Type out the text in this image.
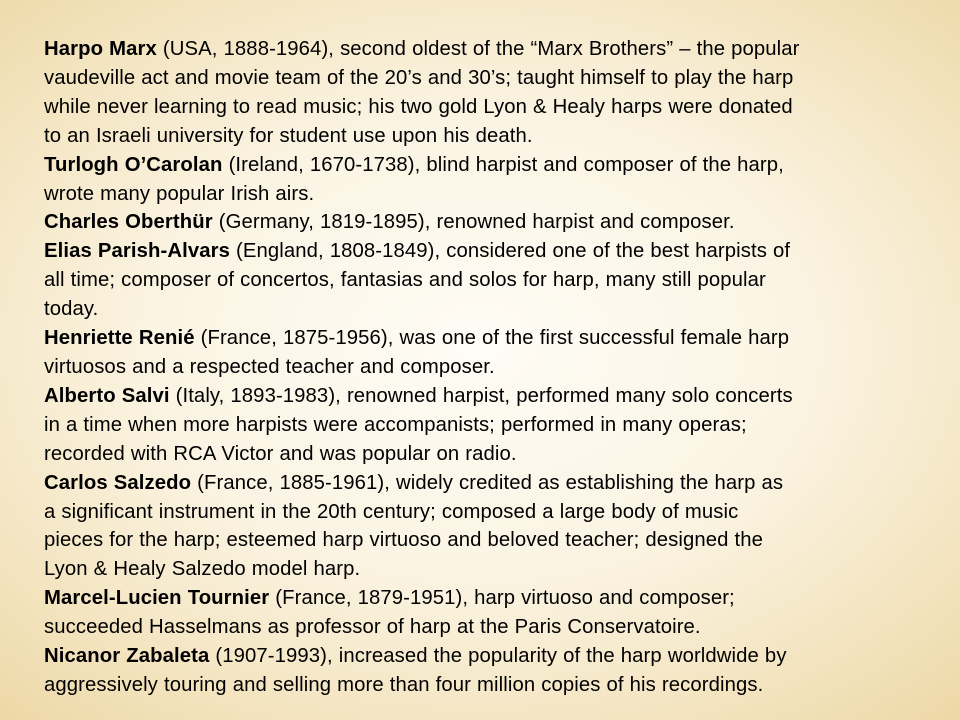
Harpo Marx (USA, 1888-1964), second oldest of the “Marx Brothers” – the popular
vaudeville act and movie team of the 20’s and 30’s; taught himself to play the harp
while never learning to read music; his two gold Lyon & Healy harps were donated
to an Israeli university for student use upon his death.
Turlogh O’Carolan (Ireland, 1670-1738), blind harpist and composer of the harp,
wrote many popular Irish airs.
Charles Oberthür (Germany, 1819-1895), renowned harpist and composer.
Elias Parish-Alvars (England, 1808-1849), considered one of the best harpists of
all time; composer of concertos, fantasias and solos for harp, many still popular
today.
Henriette Renié (France, 1875-1956), was one of the first successful female harp
virtuosos and a respected teacher and composer.
Alberto Salvi (Italy, 1893-1983), renowned harpist, performed many solo concerts
in a time when more harpists were accompanists; performed in many operas;
recorded with RCA Victor and was popular on radio.
Carlos Salzedo (France, 1885-1961), widely credited as establishing the harp as
a significant instrument in the 20th century; composed a large body of music
pieces for the harp; esteemed harp virtuoso and beloved teacher; designed the
Lyon & Healy Salzedo model harp.
Marcel-Lucien Tournier (France, 1879-1951), harp virtuoso and composer;
succeeded Hasselmans as professor of harp at the Paris Conservatoire.
Nicanor Zabaleta (1907-1993), increased the popularity of the harp worldwide by
aggressively touring and selling more than four million copies of his recordings.
